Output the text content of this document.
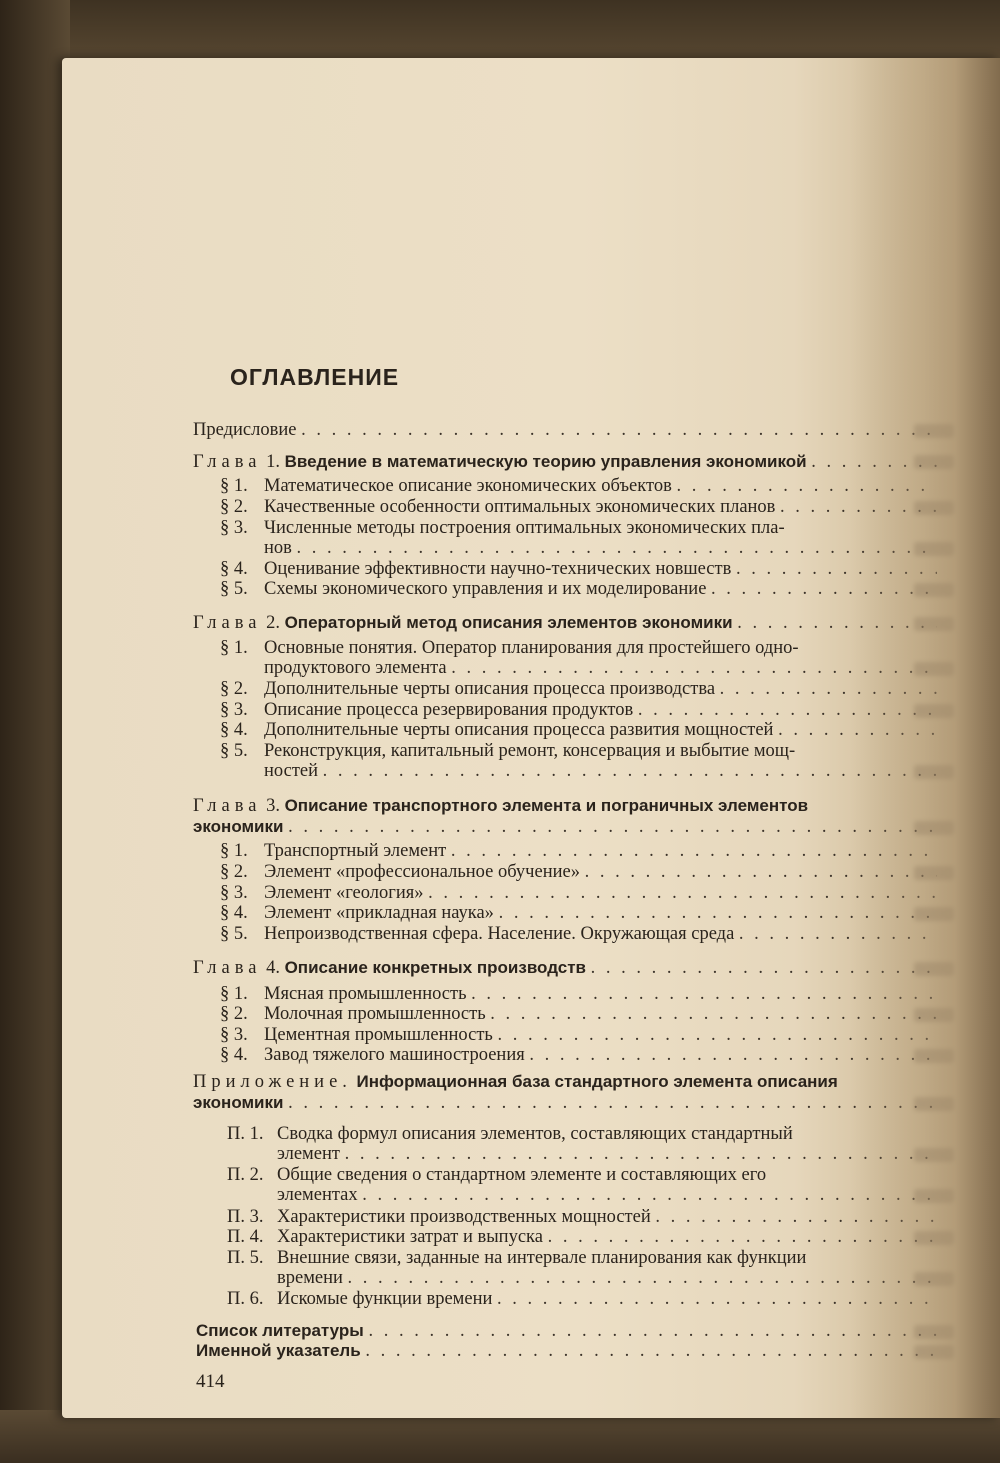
ОГЛАВЛЕНИЕ
Предисловие . . .
Глава 1. Введение в математическую теорию управления экономикой . . .
§ 1. Математическое описание экономических объектов . . .
§ 2. Качественные особенности оптимальных экономических планов . . .
§ 3. Численные методы построения оптимальных экономических пла-
нов . . .
§ 4. Оценивание эффективности научно-технических новшеств . . .
§ 5. Схемы экономического управления и их моделирование . . .
Глава 2. Операторный метод описания элементов экономики . . .
§ 1. Основные понятия. Оператор планирования для простейшего одно-
продуктового элемента . . .
§ 2. Дополнительные черты описания процесса производства . . .
§ 3. Описание процесса резервирования продуктов . . .
§ 4. Дополнительные черты описания процесса развития мощностей . . .
§ 5. Реконструкция, капитальный ремонт, консервация и выбытие мощ-
ностей . . .
Глава 3. Описание транспортного элемента и пограничных элементов
экономики . . .
§ 1. Транспортный элемент . . .
§ 2. Элемент «профессиональное обучение» . . .
§ 3. Элемент «геология» . . .
§ 4. Элемент «прикладная наука» . . .
§ 5. Непроизводственная сфера. Население. Окружающая среда . . .
Глава 4. Описание конкретных производств . . .
§ 1. Мясная промышленность . . .
§ 2. Молочная промышленность . . .
§ 3. Цементная промышленность . . .
§ 4. Завод тяжелого машиностроения . . .
Приложение. Информационная база стандартного элемента описания
экономики . . .
П. 1. Сводка формул описания элементов, составляющих стандартный
элемент . . .
П. 2. Общие сведения о стандартном элементе и составляющих его
элементах . . .
П. 3. Характеристики производственных мощностей . . .
П. 4. Характеристики затрат и выпуска . . .
П. 5. Внешние связи, заданные на интервале планирования как функции
времени . . .
П. 6. Искомые функции времени . . .
Список литературы . . .
Именной указатель . . .
414
